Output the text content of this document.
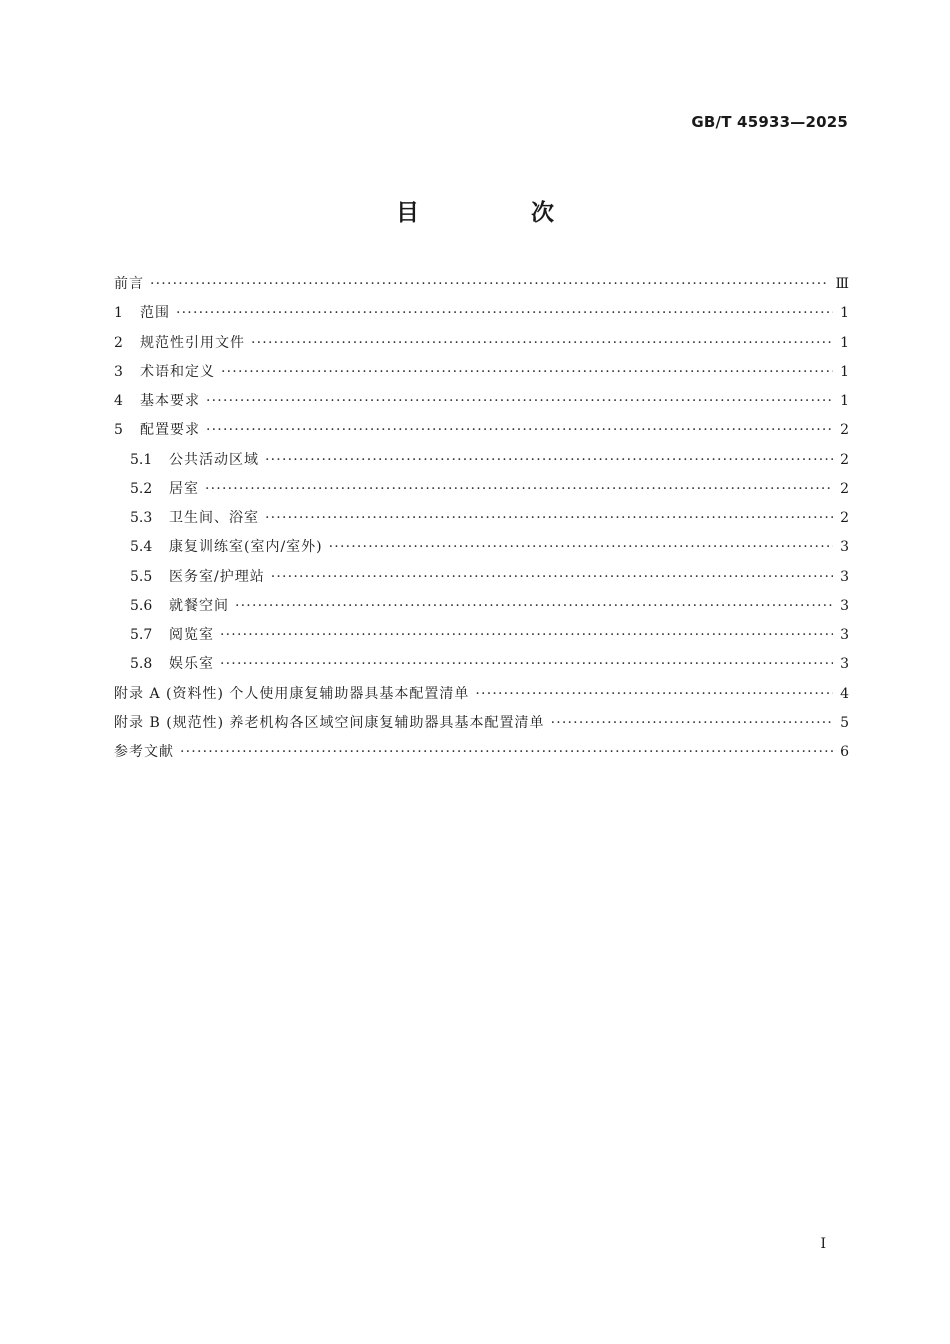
GB/T 45933—2025
目 次
前言 ·····	Ⅲ
1	范围 ·····	1
2	规范性引用文件 ·····	1
3	术语和定义 ·····	1
4	基本要求 ·····	1
5	配置要求 ·····	2
5.1	公共活动区域 ·····	2
5.2	居室 ·····	2
5.3	卫生间、浴室 ·····	2
5.4	康复训练室(室内/室外) ·····	3
5.5	医务室/护理站 ·····	3
5.6	就餐空间 ·····	3
5.7	阅览室 ·····	3
5.8	娱乐室 ·····	3
附录 A (资料性) 个人使用康复辅助器具基本配置清单 ·····	4
附录 B (规范性) 养老机构各区域空间康复辅助器具基本配置清单 ·····	5
参考文献 ·····	6
I
